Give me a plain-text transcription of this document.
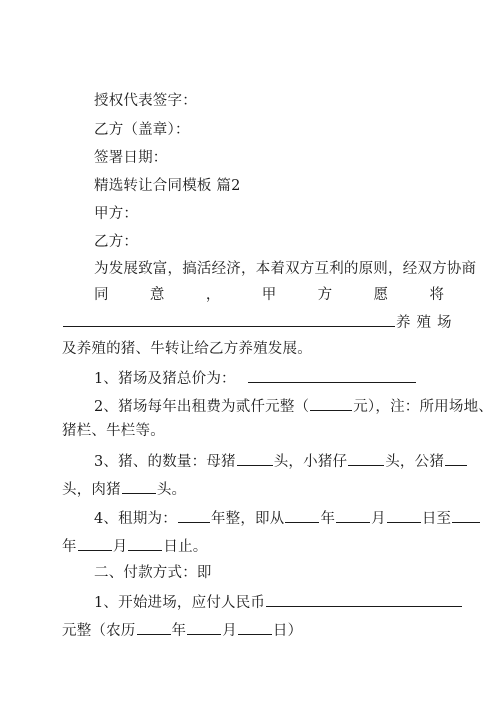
授权代表签字：
乙方（盖章）：
签署日期：
精选转让合同模板 篇2
甲方：
乙方：
为发展致富，搞活经济，本着双方互利的原则，经双方协商
同	意	，	甲	方	愿	将
养殖场
及养殖的猪、牛转让给乙方养殖发展。
1、猪场及猪总价为：
2、猪场每年出租费为贰仟元整（	元），注：所用场地、
猪栏、牛栏等。
3、猪、的数量：母猪	头，小猪仔	头，公猪
头，肉猪 头。
4、租期为： 年整，即从 年 月 日至
年 月 日止。
二、付款方式：即
1、开始进场，应付人民币
元整（农历 年 月 日）
